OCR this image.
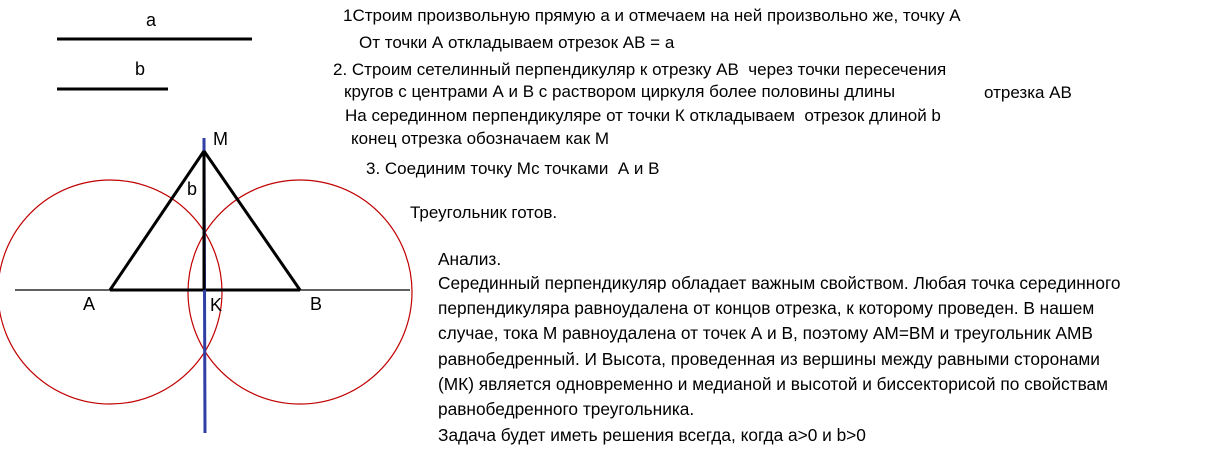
a
b
M
b
A	K	B
1Строим произвольную прямую а и отмечаем на ней произвольно же, точку А
От точки А откладываем отрезок АВ = а
2. Строим сетелинный перпендикуляр к отрезку АВ  через точки пересечения
кругов с центрами А и В с раствором циркуля более половины длины	отрезка АВ
На серединном перпендикуляре от точки К откладываем  отрезок длиной b
конец отрезка обозначаем как М
3. Соединим точку Мс точками  А и В
Треугольник готов.
Анализ.
Серединный перпендикуляр обладает важным свойством. Любая точка серединного
перпендикуляра равноудалена от концов отрезка, к которому проведен. В нашем
случае, тока М равноудалена от точек А и В, поэтому АМ=ВМ и треугольник АМВ
равнобедренный. И Высота, проведенная из вершины между равными сторонами
(МК) является одновременно и медианой и высотой и биссекторисой по свойствам
равнобедренного треугольника.
Задача будет иметь решения всегда, когда a>0 и b>0
